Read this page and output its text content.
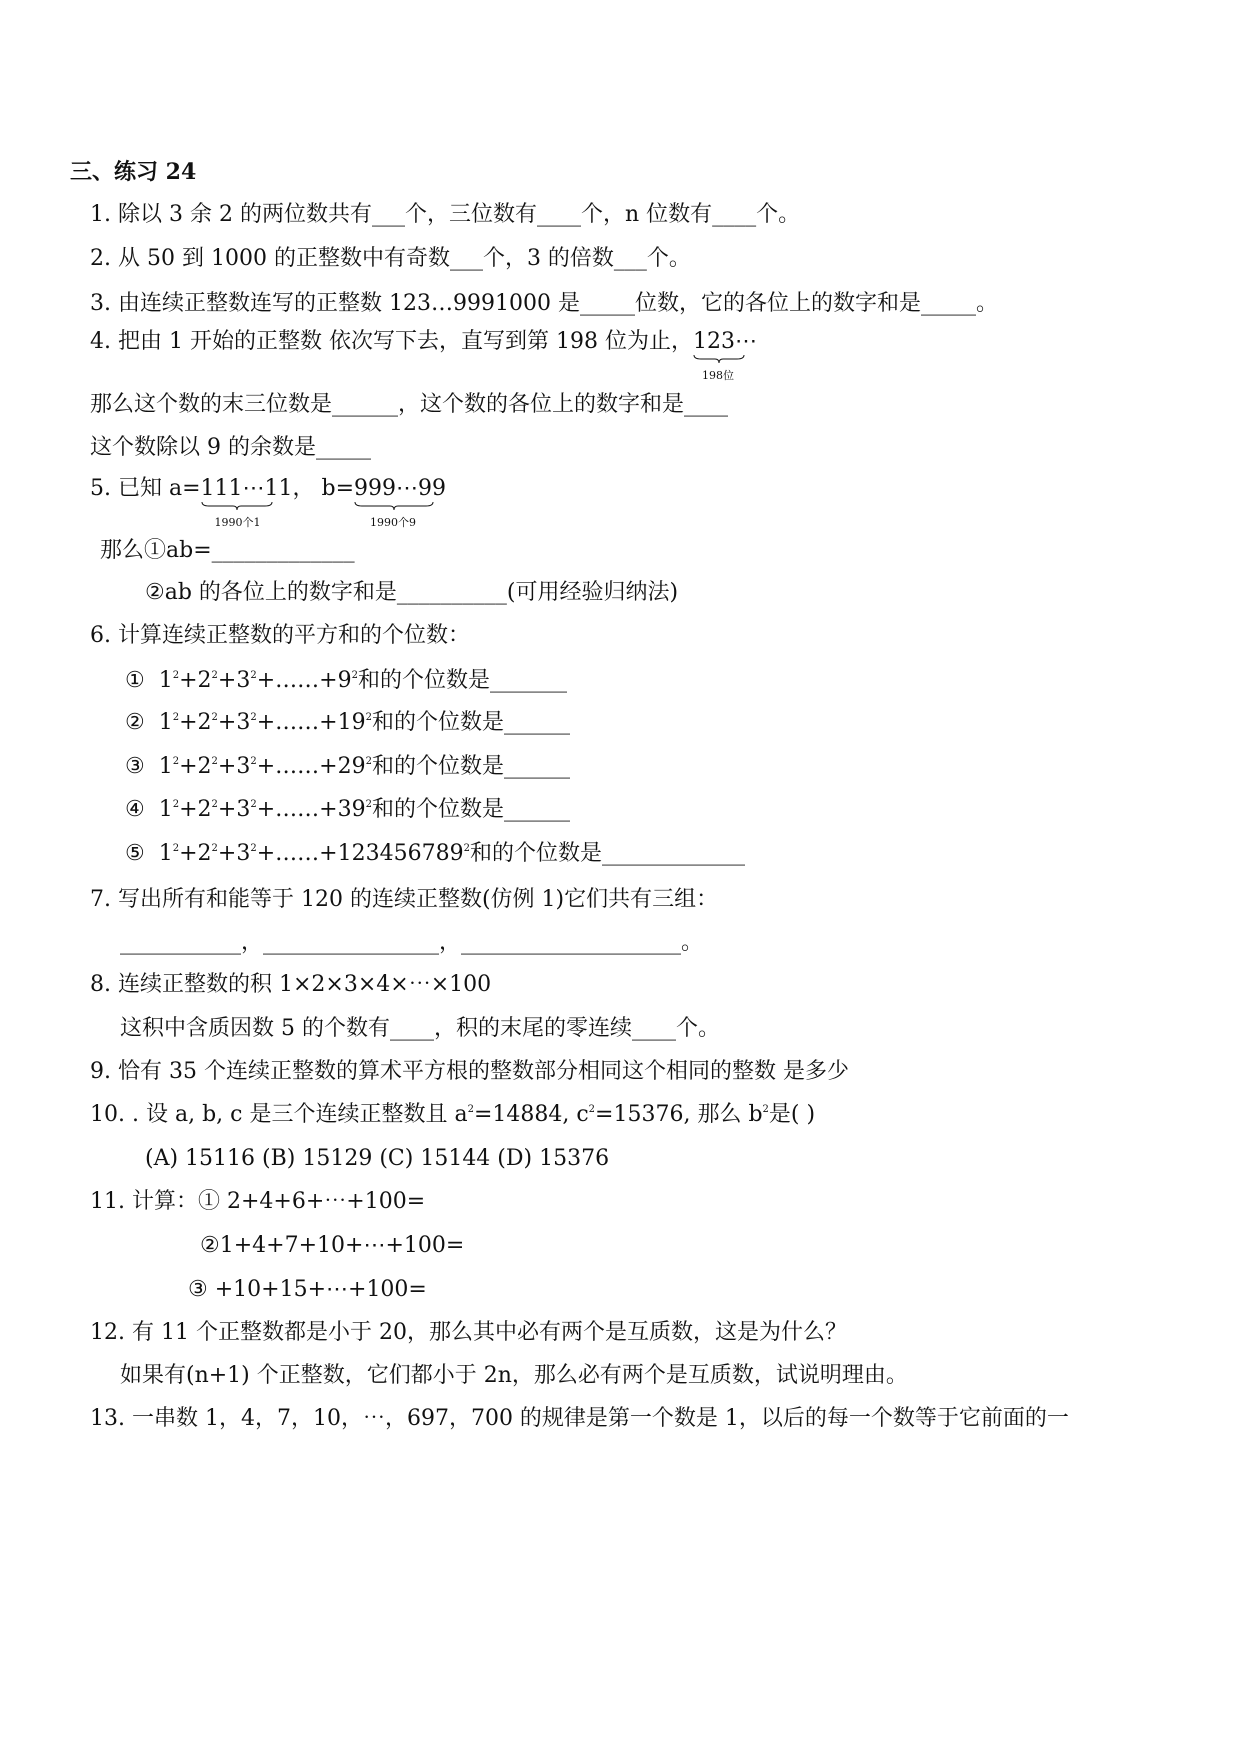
三、练习 24
1. 除以 3 余 2 的两位数共有___个，三位数有____个，n 位数有____个。
2. 从 50 到 1000 的正整数中有奇数___个，3 的倍数___个。
3. 由连续正整数连写的正整数 123…9991000 是_____位数，它的各位上的数字和是_____。
4. 把由 1 开始的正整数 依次写下去，直写到第 198 位为止，123⋯
198位
那么这个数的末三位数是______，这个数的各位上的数字和是____
这个数除以 9 的余数是_____
5. 已知 a=111⋯11
1990个1
， b=999⋯99
1990个9
那么①ab=_____________
②ab 的各位上的数字和是__________(可用经验归纳法)
6. 计算连续正整数的平方和的个位数：
① $1^2+2^2+3^2+\dots\dots+9^2$和的个位数是_______
② $1^2+2^2+3^2+\dots\dots+19^2$和的个位数是______
③ $1^2+2^2+3^2+\dots\dots+29^2$和的个位数是______
④ $1^2+2^2+3^2+\dots\dots+39^2$和的个位数是______
⑤ $1^2+2^2+3^2+\dots\dots+123456789^2$和的个位数是_____________
7. 写出所有和能等于 120 的连续正整数(仿例 1)它们共有三组：
___________，________________，____________________。
8. 连续正整数的积 1×2×3×4×⋯×100
这积中含质因数 5 的个数有____，积的末尾的零连续____个。
9. 恰有 35 个连续正整数的算术平方根的整数部分相同这个相同的整数 是多少
10. . 设 a, b, c 是三个连续正整数且 $a^2=14884$, $c^2=15376$, 那么 $b^2$是( )
(A) 15116 (B) 15129 (C) 15144 (D) 15376
11. 计算：① 2+4+6+⋯+100=
②1+4+7+10+⋯+100=
③ +10+15+⋯+100=
12. 有 11 个正整数都是小于 20，那么其中必有两个是互质数，这是为什么？
如果有(n+1) 个正整数，它们都小于 2n，那么必有两个是互质数，试说明理由。
13. 一串数 1，4，7，10，⋯，697，700 的规律是第一个数是 1，以后的每一个数等于它前面的一
